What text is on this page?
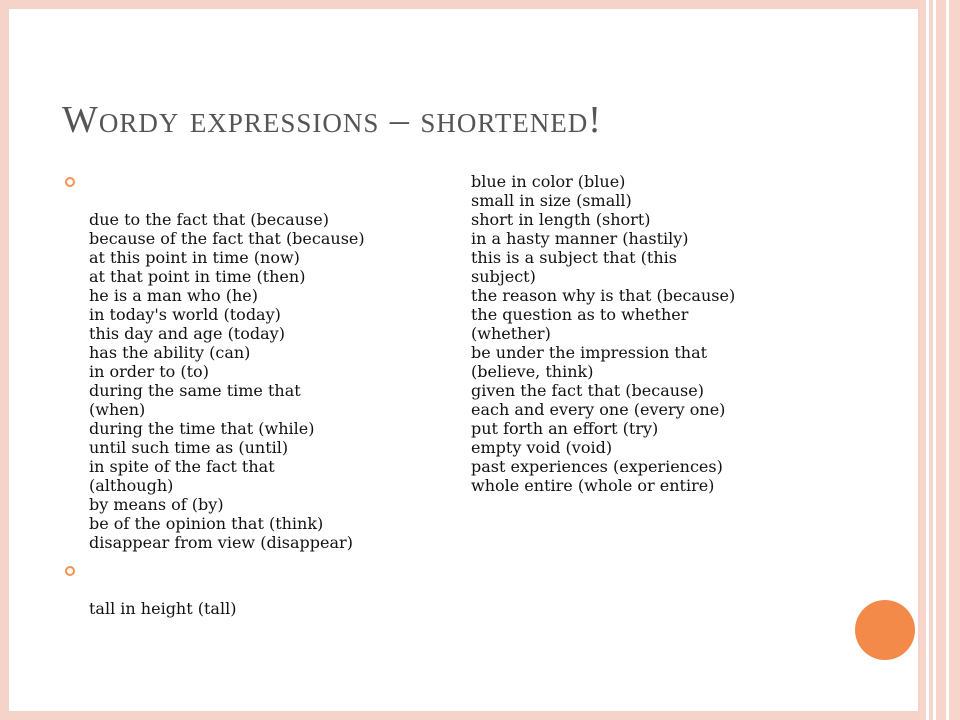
Wordy expressions – shortened!

due to the fact that (because)
because of the fact that (because)
at this point in time (now)
at that point in time (then)
he is a man who (he)
in today's world (today)
this day and age (today)
has the ability (can)
in order to (to)
during the same time that
(when)
during the time that (while)
until such time as (until)
in spite of the fact that
(although)
by means of (by)
be of the opinion that (think)
disappear from view (disappear)

tall in height (tall)

blue in color (blue)
small in size (small)
short in length (short)
in a hasty manner (hastily)
this is a subject that (this
subject)
the reason why is that (because)
the question as to whether
(whether)
be under the impression that
(believe, think)
given the fact that (because)
each and every one (every one)
put forth an effort (try)
empty void (void)
past experiences (experiences)
whole entire (whole or entire)
